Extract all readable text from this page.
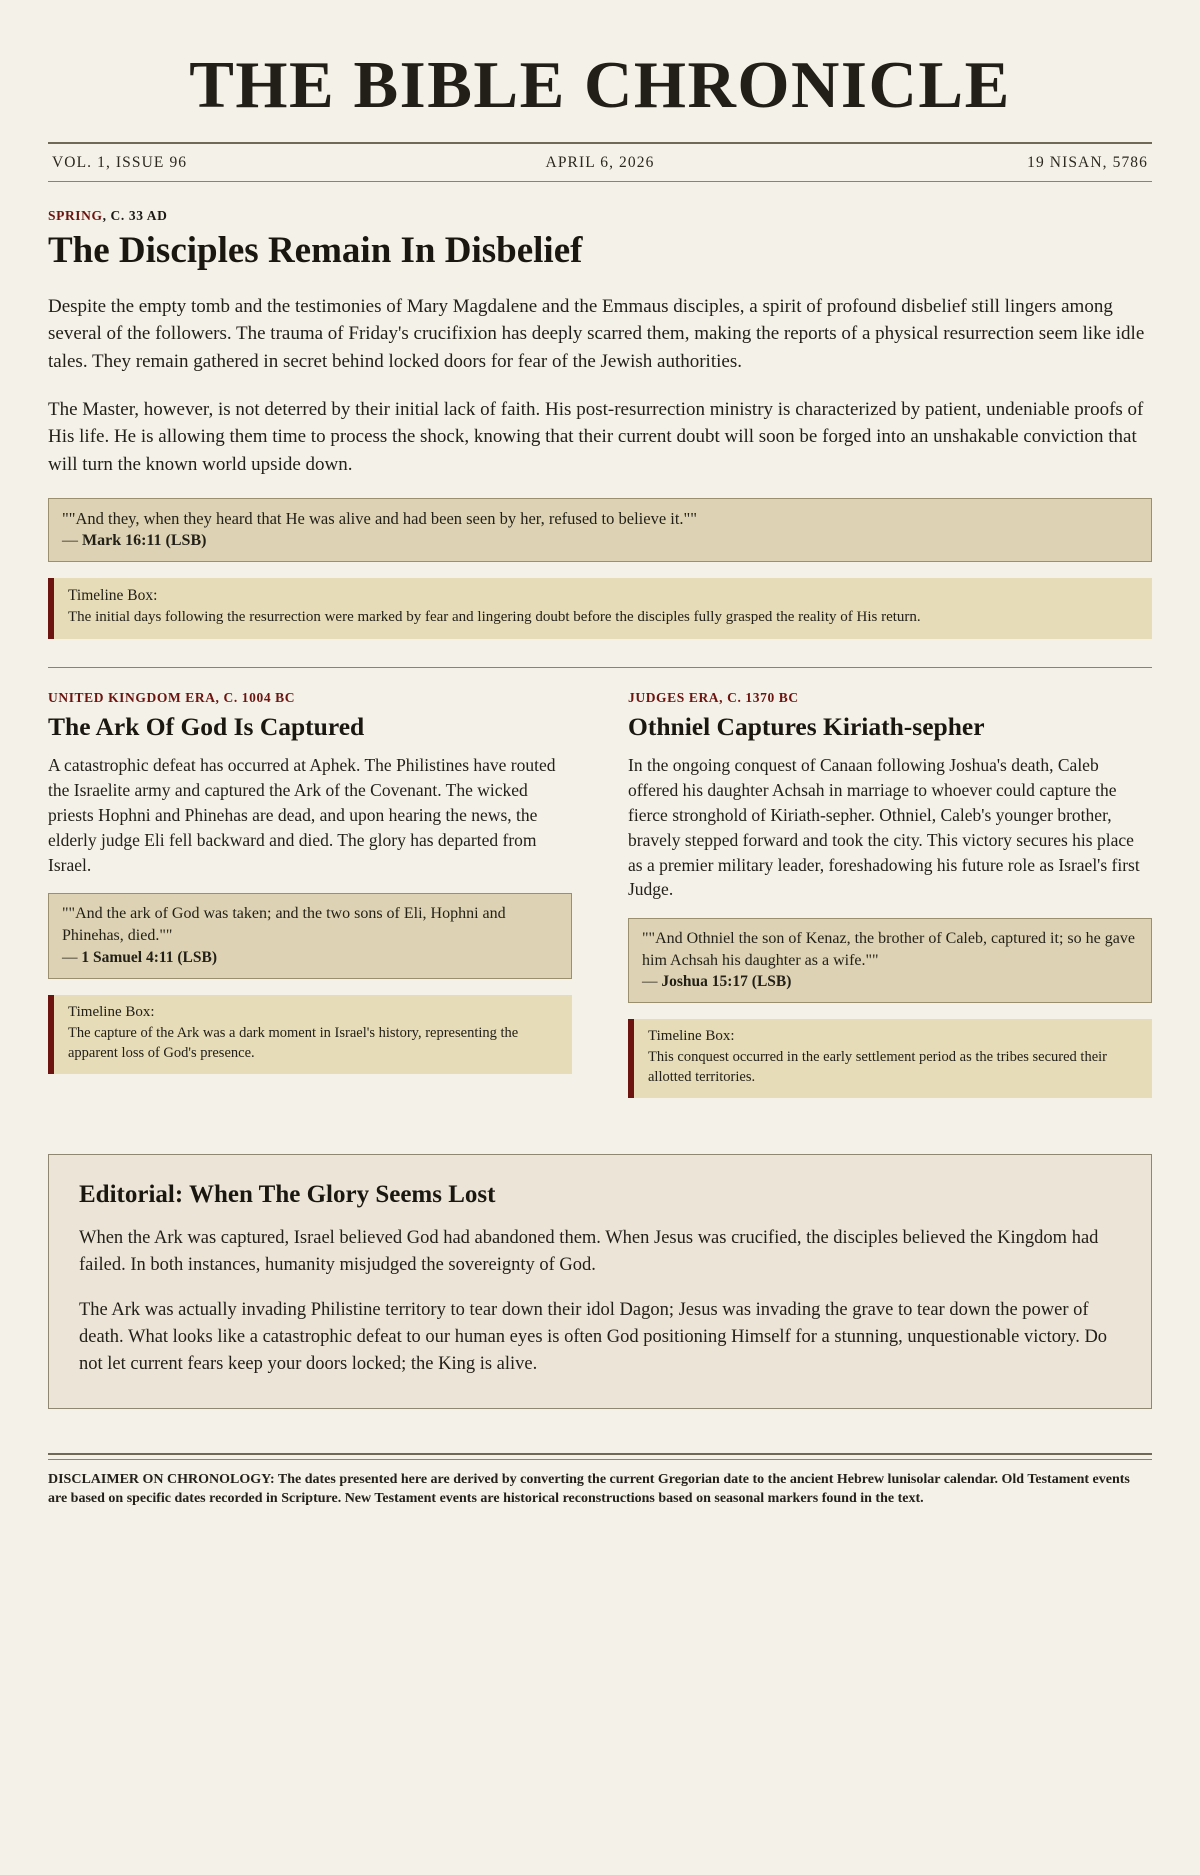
THE BIBLE CHRONICLE
VOL. 1, ISSUE 96	APRIL 6, 2026	19 NISAN, 5786
SPRING, C. 33 AD
The Disciples Remain In Disbelief

Despite the empty tomb and the testimonies of Mary Magdalene and the Emmaus disciples, a spirit of profound disbelief still lingers among several of the followers. The trauma of Friday's crucifixion has deeply scarred them, making the reports of a physical resurrection seem like idle tales. They remain gathered in secret behind locked doors for fear of the Jewish authorities.

The Master, however, is not deterred by their initial lack of faith. His post-resurrection ministry is characterized by patient, undeniable proofs of His life. He is allowing them time to process the shock, knowing that their current doubt will soon be forged into an unshakable conviction that will turn the known world upside down.

""And they, when they heard that He was alive and had been seen by her, refused to believe it.""
— Mark 16:11 (LSB)
Timeline Box:
The initial days following the resurrection were marked by fear and lingering doubt before the disciples fully grasped the reality of His return.
UNITED KINGDOM ERA, C. 1004 BC
The Ark Of God Is Captured

A catastrophic defeat has occurred at Aphek. The Philistines have routed the Israelite army and captured the Ark of the Covenant. The wicked priests Hophni and Phinehas are dead, and upon hearing the news, the elderly judge Eli fell backward and died. The glory has departed from Israel.

""And the ark of God was taken; and the two sons of Eli, Hophni and Phinehas, died.""
— 1 Samuel 4:11 (LSB)
Timeline Box:
The capture of the Ark was a dark moment in Israel's history, representing the apparent loss of God's presence.
JUDGES ERA, C. 1370 BC
Othniel Captures Kiriath-sepher

In the ongoing conquest of Canaan following Joshua's death, Caleb offered his daughter Achsah in marriage to whoever could capture the fierce stronghold of Kiriath-sepher. Othniel, Caleb's younger brother, bravely stepped forward and took the city. This victory secures his place as a premier military leader, foreshadowing his future role as Israel's first Judge.

""And Othniel the son of Kenaz, the brother of Caleb, captured it; so he gave him Achsah his daughter as a wife.""
— Joshua 15:17 (LSB)
Timeline Box:
This conquest occurred in the early settlement period as the tribes secured their allotted territories.
Editorial: When The Glory Seems Lost

When the Ark was captured, Israel believed God had abandoned them. When Jesus was crucified, the disciples believed the Kingdom had failed. In both instances, humanity misjudged the sovereignty of God.

The Ark was actually invading Philistine territory to tear down their idol Dagon; Jesus was invading the grave to tear down the power of death. What looks like a catastrophic defeat to our human eyes is often God positioning Himself for a stunning, unquestionable victory. Do not let current fears keep your doors locked; the King is alive.

DISCLAIMER ON CHRONOLOGY: The dates presented here are derived by converting the current Gregorian date to the ancient Hebrew lunisolar calendar. Old Testament events are based on specific dates recorded in Scripture. New Testament events are historical reconstructions based on seasonal markers found in the text.
